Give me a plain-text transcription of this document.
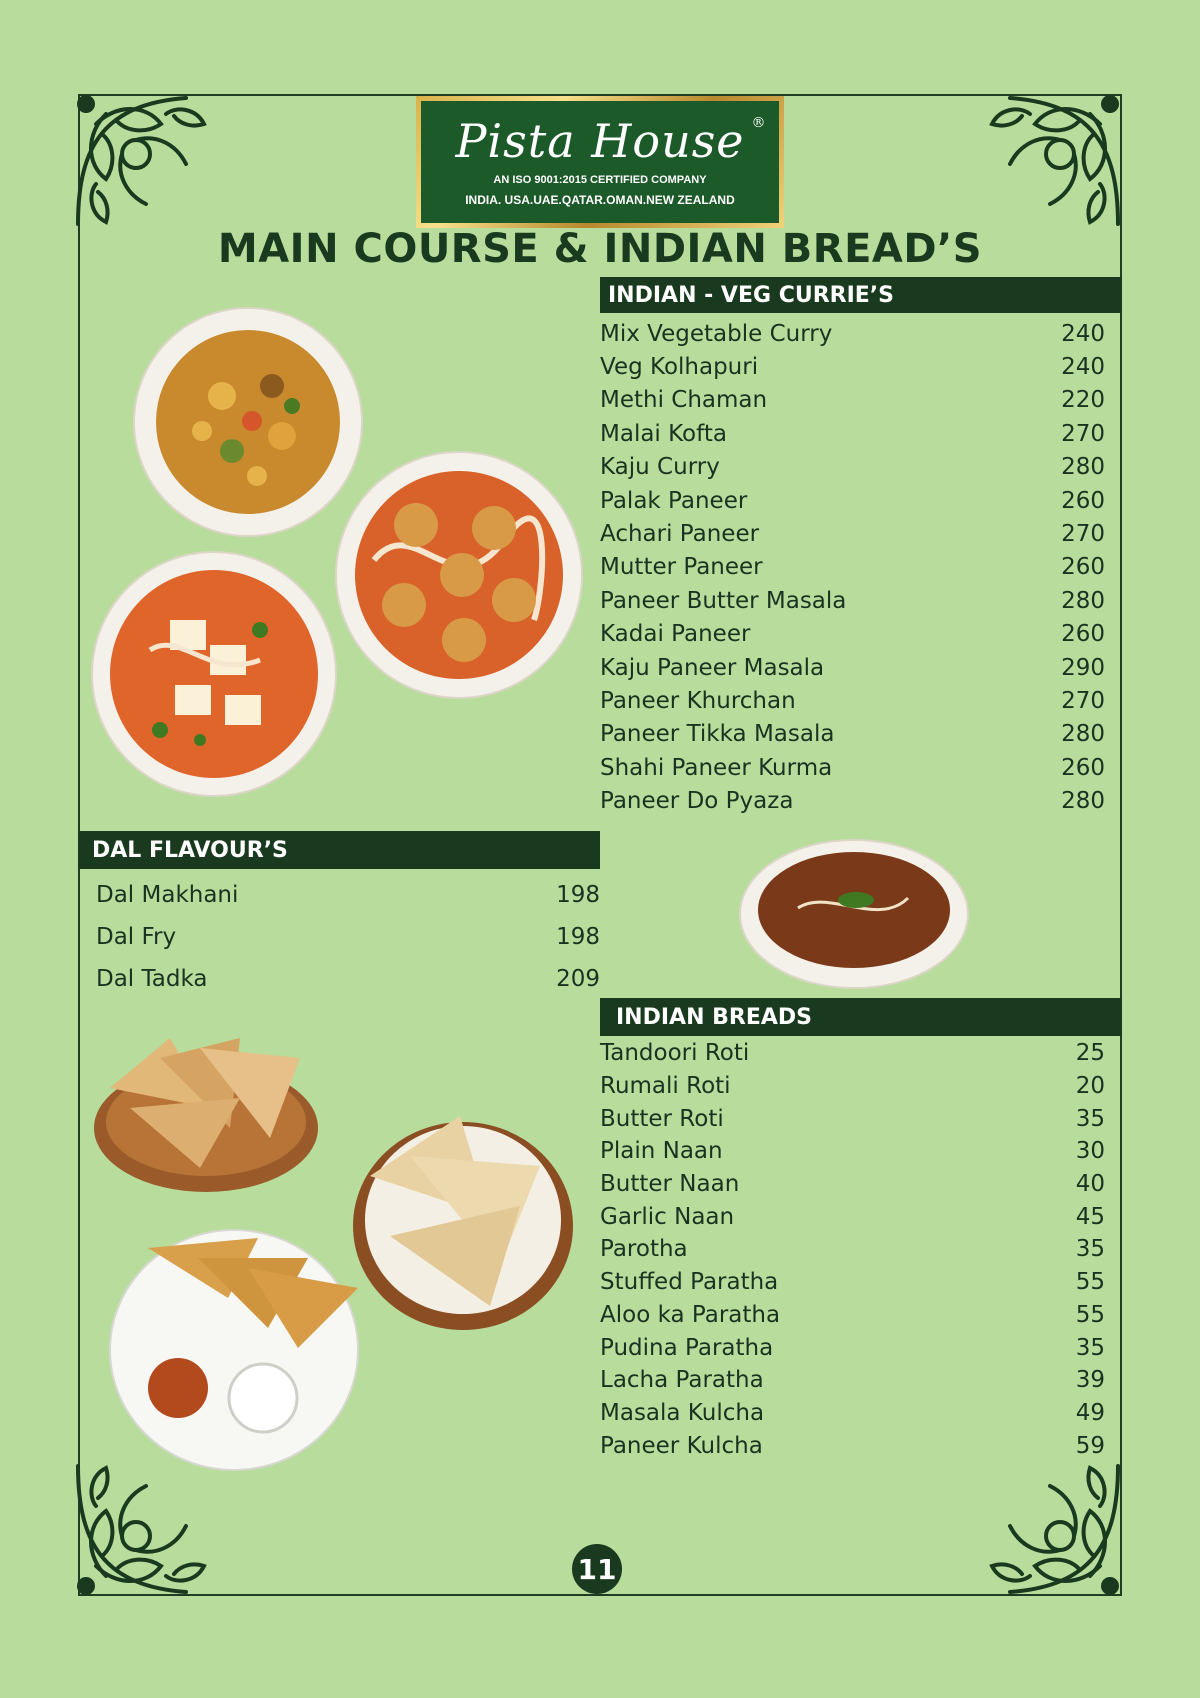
Pista House ®
AN ISO 9001:2015 CERTIFIED COMPANY
INDIA. USA.UAE.QATAR.OMAN.NEW ZEALAND
MAIN COURSE & INDIAN BREAD’S
INDIAN - VEG CURRIE’S
Mix Vegetable Curry	240
Veg Kolhapuri	240
Methi Chaman	220
Malai Kofta	270
Kaju Curry	280
Palak Paneer	260
Achari Paneer	270
Mutter Paneer	260
Paneer Butter Masala	280
Kadai Paneer	260
Kaju Paneer Masala	290
Paneer Khurchan	270
Paneer Tikka Masala	280
Shahi Paneer Kurma	260
Paneer Do Pyaza	280
DAL FLAVOUR’S
Dal Makhani	198
Dal Fry	198
Dal Tadka	209
INDIAN BREADS
Tandoori Roti	25
Rumali Roti	20
Butter Roti	35
Plain Naan	30
Butter Naan	40
Garlic Naan	45
Parotha	35
Stuffed Paratha	55
Aloo ka Paratha	55
Pudina Paratha	35
Lacha Paratha	39
Masala Kulcha	49
Paneer Kulcha	59
11
